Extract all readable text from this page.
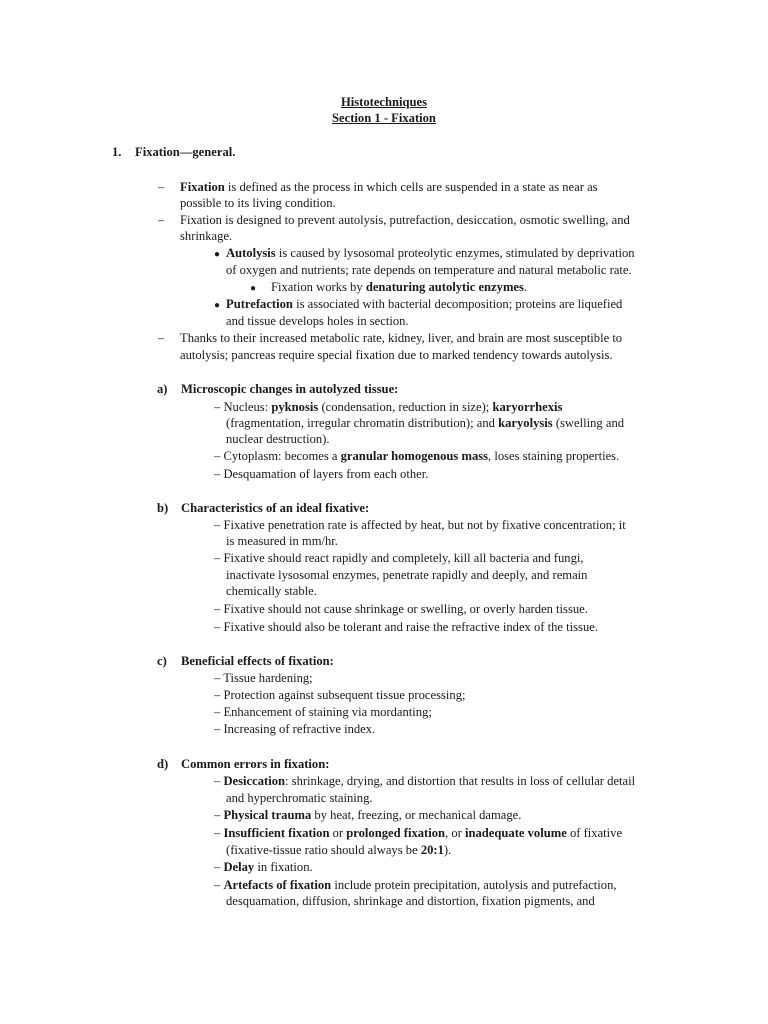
Histotechniques
Section 1 - Fixation
1. Fixation—general.
– Fixation is defined as the process in which cells are suspended in a state as near as
possible to its living condition.
– Fixation is designed to prevent autolysis, putrefaction, desiccation, osmotic swelling, and
shrinkage.
● Autolysis is caused by lysosomal proteolytic enzymes, stimulated by deprivation
of oxygen and nutrients; rate depends on temperature and natural metabolic rate.
● Fixation works by denaturing autolytic enzymes.
● Putrefaction is associated with bacterial decomposition; proteins are liquefied
and tissue develops holes in section.
– Thanks to their increased metabolic rate, kidney, liver, and brain are most susceptible to
autolysis; pancreas require special fixation due to marked tendency towards autolysis.
a) Microscopic changes in autolyzed tissue:
– Nucleus: pyknosis (condensation, reduction in size); karyorrhexis
(fragmentation, irregular chromatin distribution); and karyolysis (swelling and
nuclear destruction).
– Cytoplasm: becomes a granular homogenous mass, loses staining properties.
– Desquamation of layers from each other.
b) Characteristics of an ideal fixative:
– Fixative penetration rate is affected by heat, but not by fixative concentration; it
is measured in mm/hr.
– Fixative should react rapidly and completely, kill all bacteria and fungi,
inactivate lysosomal enzymes, penetrate rapidly and deeply, and remain
chemically stable.
– Fixative should not cause shrinkage or swelling, or overly harden tissue.
– Fixative should also be tolerant and raise the refractive index of the tissue.
c) Beneficial effects of fixation:
– Tissue hardening;
– Protection against subsequent tissue processing;
– Enhancement of staining via mordanting;
– Increasing of refractive index.
d) Common errors in fixation:
– Desiccation: shrinkage, drying, and distortion that results in loss of cellular detail
and hyperchromatic staining.
– Physical trauma by heat, freezing, or mechanical damage.
– Insufficient fixation or prolonged fixation, or inadequate volume of fixative
(fixative-tissue ratio should always be 20:1).
– Delay in fixation.
– Artefacts of fixation include protein precipitation, autolysis and putrefaction,
desquamation, diffusion, shrinkage and distortion, fixation pigments, and
